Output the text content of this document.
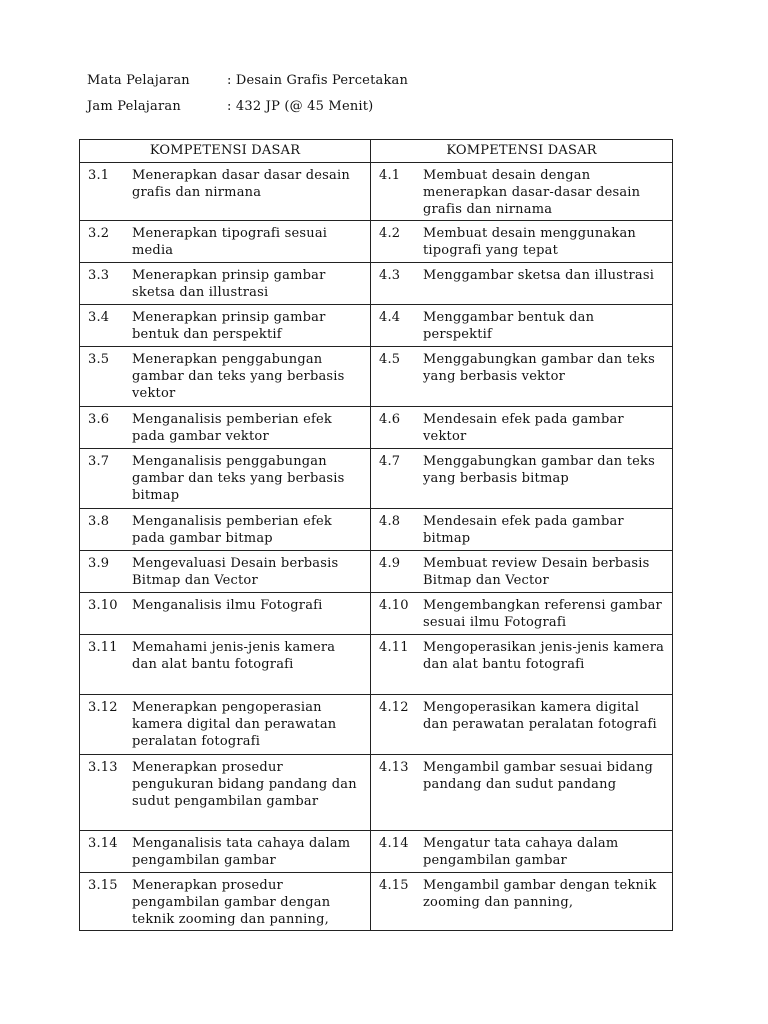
Mata Pelajaran	: Desain Grafis Percetakan
Jam Pelajaran	: 432 JP (@ 45 Menit)
KOMPETENSI DASAR	KOMPETENSI DASAR

3.1 Menerapkan dasar dasar desain grafis dan nirmana	4.1 Membuat desain dengan menerapkan dasar-dasar desain grafis dan nirnama

3.2 Menerapkan tipografi sesuai media	4.2 Membuat desain menggunakan tipografi yang tepat

3.3 Menerapkan prinsip gambar sketsa dan illustrasi	4.3 Menggambar sketsa dan illustrasi

3.4 Menerapkan prinsip gambar bentuk dan perspektif	4.4 Menggambar bentuk dan perspektif

3.5 Menerapkan penggabungan gambar dan teks yang berbasis vektor	4.5 Menggabungkan gambar dan teks yang berbasis vektor

3.6 Menganalisis pemberian efek pada gambar vektor	4.6 Mendesain efek pada gambar vektor

3.7 Menganalisis penggabungan gambar dan teks yang berbasis bitmap	4.7 Menggabungkan gambar dan teks yang berbasis bitmap

3.8 Menganalisis pemberian efek pada gambar bitmap	4.8 Mendesain efek pada gambar bitmap

3.9 Mengevaluasi Desain berbasis Bitmap dan Vector	4.9 Membuat review Desain berbasis Bitmap dan Vector

3.10 Menganalisis ilmu Fotografi	4.10 Mengembangkan referensi gambar sesuai ilmu Fotografi

3.11 Memahami jenis-jenis kamera dan alat bantu fotografi	4.11 Mengoperasikan jenis-jenis kamera dan alat bantu fotografi

3.12 Menerapkan pengoperasian kamera digital dan perawatan peralatan fotografi	4.12 Mengoperasikan kamera digital dan perawatan peralatan fotografi

3.13 Menerapkan prosedur pengukuran bidang pandang dan sudut pengambilan gambar	4.13 Mengambil gambar sesuai bidang pandang dan sudut pandang

3.14 Menganalisis tata cahaya dalam pengambilan gambar	4.14 Mengatur tata cahaya dalam pengambilan gambar

3.15 Menerapkan prosedur pengambilan gambar dengan teknik zooming dan panning,	4.15 Mengambil gambar dengan teknik zooming dan panning,
